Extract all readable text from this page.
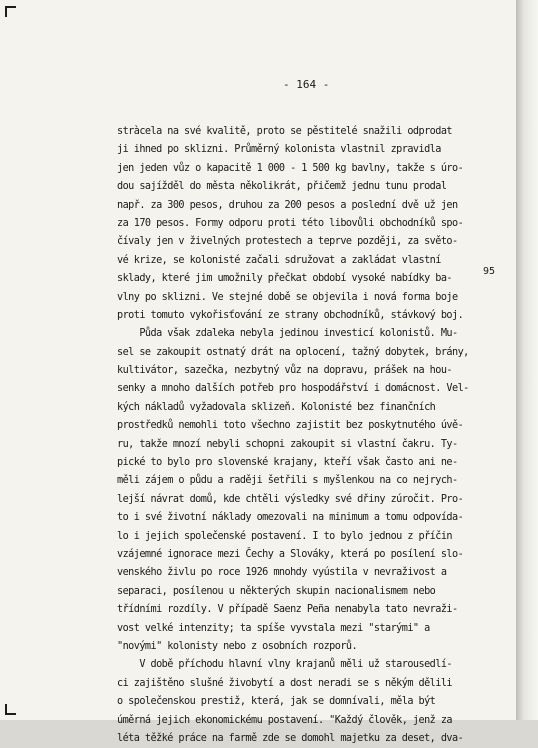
- 164 -
stràcela na své kvalitě, proto se pěstitelé snažili odprodat
ji ihned po sklizni. Průměrný kolonista vlastnil zpravidla
jen jeden vůz o kapacitě 1 000 - 1 500 kg bavlny, takže s úro-
dou sajížděl do města několikrát, přičemž jednu tunu prodal
např. za 300 pesos, druhou za 200 pesos a poslední dvě už jen
za 170 pesos. Formy odporu proti této libovůli obchodníků spo-
čívaly jen v živelných protestech a teprve později, za světo-
vé krize, se kolonisté začali sdružovat a zakládat vlastní
sklady, které jim umožnily přečkat období vysoké nabídky ba-
vlny po sklizni. Ve stejné době se objevila i nová forma boje
proti tomuto vykořisťování ze strany obchodníků, stávkový boj.
Půda však zdaleka nebyla jedinou investicí kolonistů. Mu-
sel se zakoupit ostnatý drát na oplocení, tažný dobytek, brány,
kultivátor, sazečka, nezbytný vůz na dopravu, prášek na hou-
senky a mnoho dalších potřeb pro hospodářství i domácnost. Vel-
kých nákladů vyžadovala sklizeň. Kolonisté bez finančních
prostředků nemohli toto všechno zajistit bez poskytnutého úvě-
ru, takže mnozí nebyli schopni zakoupit si vlastní čakru. Ty-
pické to bylo pro slovenské krajany, kteří však často ani ne-
měli zájem o půdu a raději šetřili s myšlenkou na co nejrych-
lejší návrat domů, kde chtěli výsledky své dřiny zúročit. Pro-
to i své životní náklady omezovali na minimum a tomu odpovída-
lo i jejich společenské postavení. I to bylo jednou z příčin
vzájemné ignorace mezi Čechy a Slováky, která po posílení slo-
venského živlu po roce 1926 mnohdy vyústila v nevraživost a
separaci, posílenou u některých skupin nacionalismem nebo
třídními rozdíly. V případě Saenz Peña nenabyla tato nevraži-
vost velké intenzity; ta spíše vyvstala mezi "starými" a
"novými" kolonisty nebo z osobních rozporů.
V době příchodu hlavní vlny krajanů měli už starousedlí-
ci zajištěno slušné živobytí a dost neradi se s někým dělili
o společenskou prestiž, která, jak se domnívali, měla být
úměrná jejich ekonomickému postavení. "Každý člověk, jenž za
léta těžké práce na farmě zde se domohl majetku za deset, dva-
95
